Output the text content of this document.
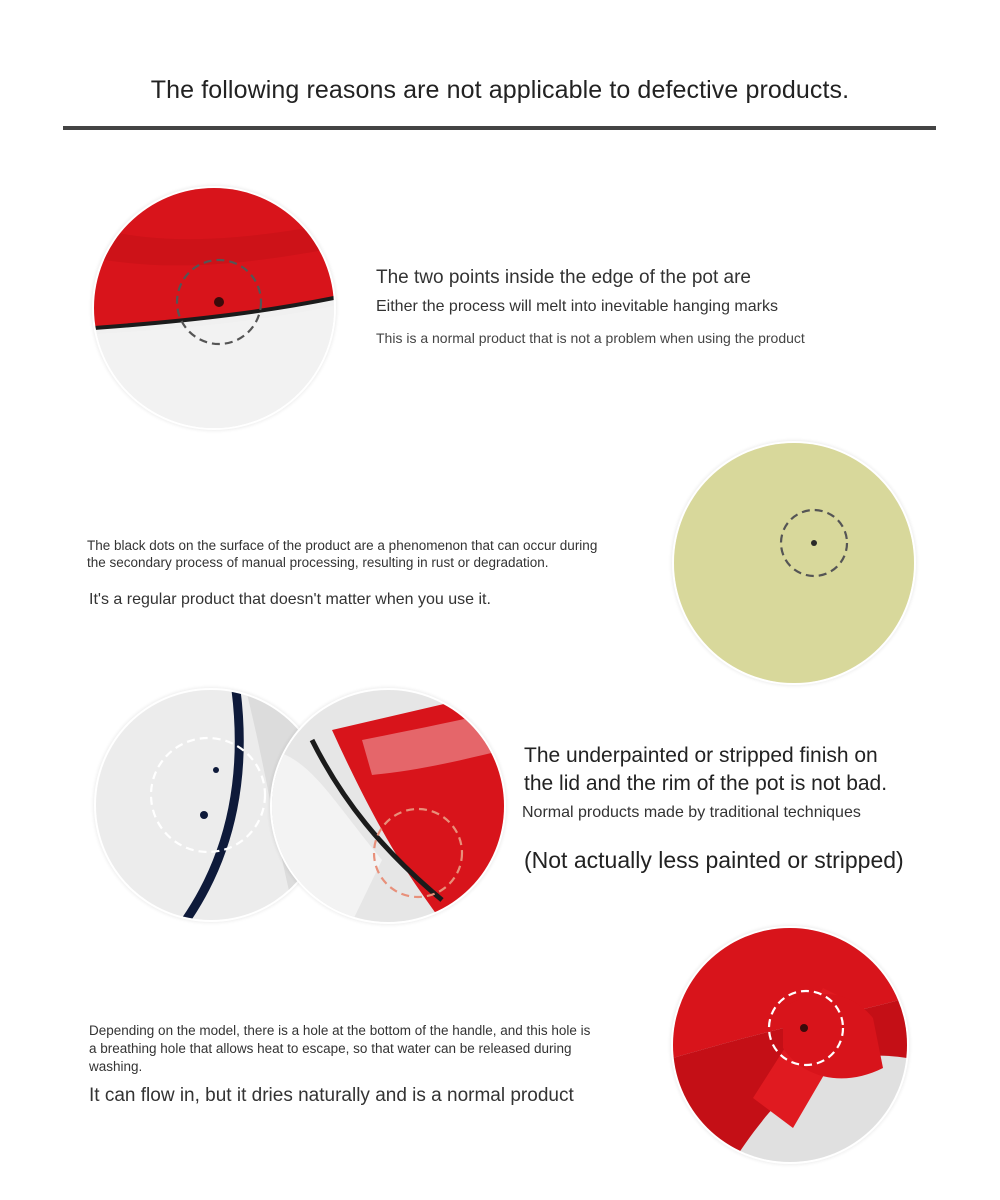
The following reasons are not applicable to defective products.
The two points inside the edge of the pot are
Either the process will melt into inevitable hanging marks
This is a normal product that is not a problem when using the product
The black dots on the surface of the product are a phenomenon that can occur during
the secondary process of manual processing, resulting in rust or degradation.
It's a regular product that doesn't matter when you use it.
The underpainted or stripped finish on
the lid and the rim of the pot is not bad.
Normal products made by traditional techniques
(Not actually less painted or stripped)
Depending on the model, there is a hole at the bottom of the handle, and this hole is
a breathing hole that allows heat to escape, so that water can be released during
washing.
It can flow in, but it dries naturally and is a normal product
